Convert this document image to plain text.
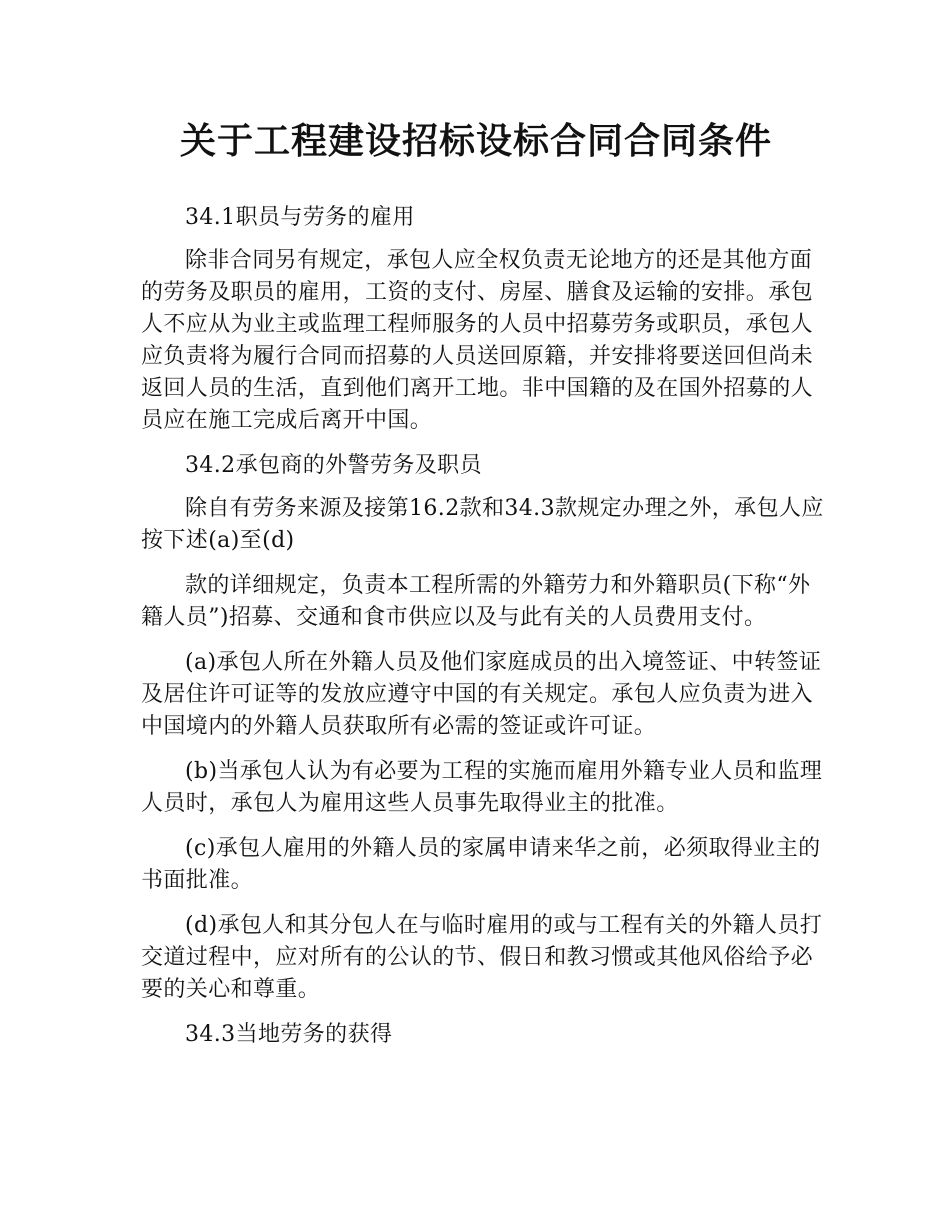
关于工程建设招标设标合同合同条件

34.1职员与劳务的雇用

除非合同另有规定，承包人应全权负责无论地方的还是其他方面的劳务及职员的雇用，工资的支付、房屋、膳食及运输的安排。承包人不应从为业主或监理工程师服务的人员中招募劳务或职员，承包人应负责将为履行合同而招募的人员送回原籍，并安排将要送回但尚未返回人员的生活，直到他们离开工地。非中国籍的及在国外招募的人员应在施工完成后离开中国。

34.2承包商的外警劳务及职员

除自有劳务来源及接第16.2款和34.3款规定办理之外，承包人应按下述(a)至(d)

款的详细规定，负责本工程所需的外籍劳力和外籍职员(下称“外籍人员”)招募、交通和食市供应以及与此有关的人员费用支付。

(a)承包人所在外籍人员及他们家庭成员的出入境签证、中转签证及居住许可证等的发放应遵守中国的有关规定。承包人应负责为进入中国境内的外籍人员获取所有必需的签证或许可证。

(b)当承包人认为有必要为工程的实施而雇用外籍专业人员和监理人员时，承包人为雇用这些人员事先取得业主的批准。

(c)承包人雇用的外籍人员的家属申请来华之前，必须取得业主的书面批准。

(d)承包人和其分包人在与临时雇用的或与工程有关的外籍人员打交道过程中，应对所有的公认的节、假日和教习惯或其他风俗给予必要的关心和尊重。

34.3当地劳务的获得
